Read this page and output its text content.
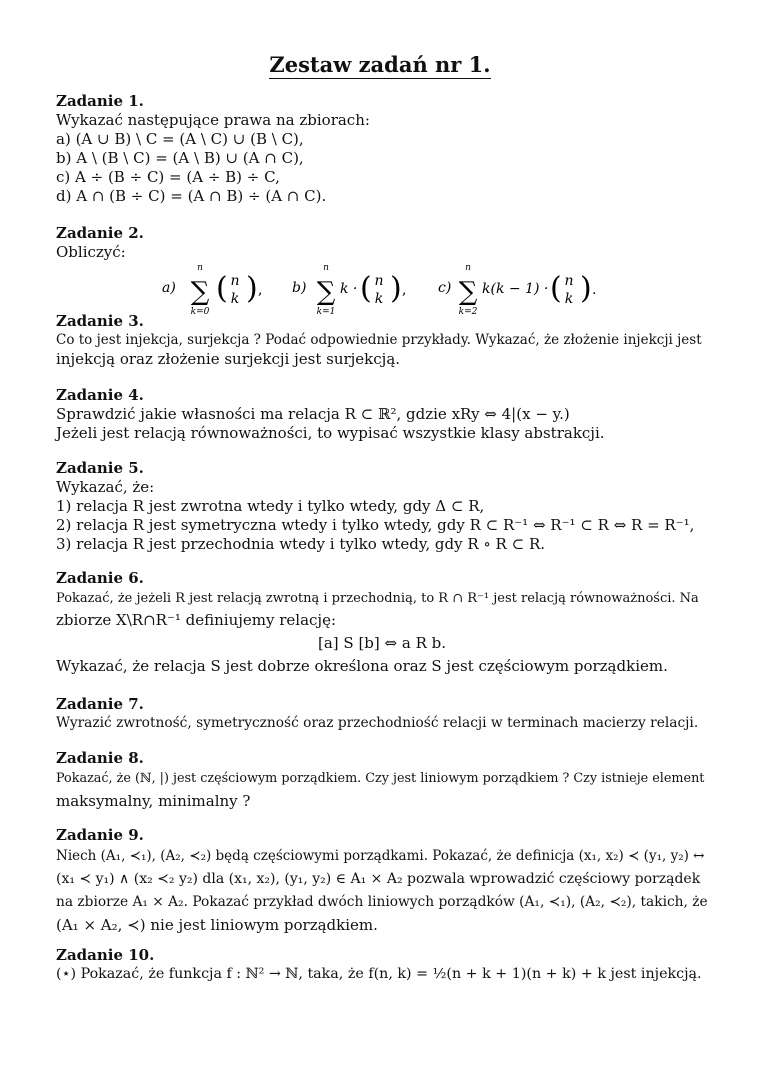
Zestaw zadań nr 1.
Zadanie 1.
Wykazać następujące prawa na zbiorach:
a) (A ∪ B) \ C = (A \ C) ∪ (B \ C),
b) A \ (B \ C) = (A \ B) ∪ (A ∩ C),
c) A ÷ (B ÷ C) = (A ÷ B) ÷ C,
d) A ∩ (B ÷ C) = (A ∩ B) ÷ (A ∩ C).
Zadanie 2.
Obliczyć:
a)
n
∑
k=0
( n
k ) , b)
n
∑
k=1
k · ( n
k ) , c)
n
∑
k=2
k(k − 1) · ( n
k ) .
Zadanie 3.
Co to jest injekcja, surjekcja ? Podać odpowiednie przykłady. Wykazać, że złożenie injekcji jest
injekcją oraz złożenie surjekcji jest surjekcją.
Zadanie 4.
Sprawdzić jakie własności ma relacja R ⊂ ℝ², gdzie xRy ⇔ 4|(x − y.)
Jeżeli jest relacją równoważności, to wypisać wszystkie klasy abstrakcji.
Zadanie 5.
Wykazać, że:
1) relacja R jest zwrotna wtedy i tylko wtedy, gdy Δ ⊂ R,
2) relacja R jest symetryczna wtedy i tylko wtedy, gdy R ⊂ R⁻¹ ⇔ R⁻¹ ⊂ R ⇔ R = R⁻¹,
3) relacja R jest przechodnia wtedy i tylko wtedy, gdy R ∘ R ⊂ R.
Zadanie 6.
Pokazać, że jeżeli R jest relacją zwrotną i przechodnią, to R ∩ R⁻¹ jest relacją równoważności. Na
zbiorze X\R∩R⁻¹ definiujemy relację:
[a] S [b] ⇔ a R b.
Wykazać, że relacja S jest dobrze określona oraz S jest częściowym porządkiem.
Zadanie 7.
Wyrazić zwrotność, symetryczność oraz przechodniość relacji w terminach macierzy relacji.
Zadanie 8.
Pokazać, że (ℕ, |) jest częściowym porządkiem. Czy jest liniowym porządkiem ? Czy istnieje element
maksymalny, minimalny ?
Zadanie 9.
Niech (A₁, ≺₁), (A₂, ≺₂) będą częściowymi porządkami. Pokazać, że definicja (x₁, x₂) ≺ (y₁, y₂) ↔
(x₁ ≺ y₁) ∧ (x₂ ≺₂ y₂) dla (x₁, x₂), (y₁, y₂) ∈ A₁ × A₂ pozwala wprowadzić częściowy porządek
na zbiorze A₁ × A₂. Pokazać przykład dwóch liniowych porządków (A₁, ≺₁), (A₂, ≺₂), takich, że
(A₁ × A₂, ≺) nie jest liniowym porządkiem.
Zadanie 10.
(⋆) Pokazać, że funkcja f : ℕ² → ℕ, taka, że f(n, k) = ½(n + k + 1)(n + k) + k jest injekcją.
